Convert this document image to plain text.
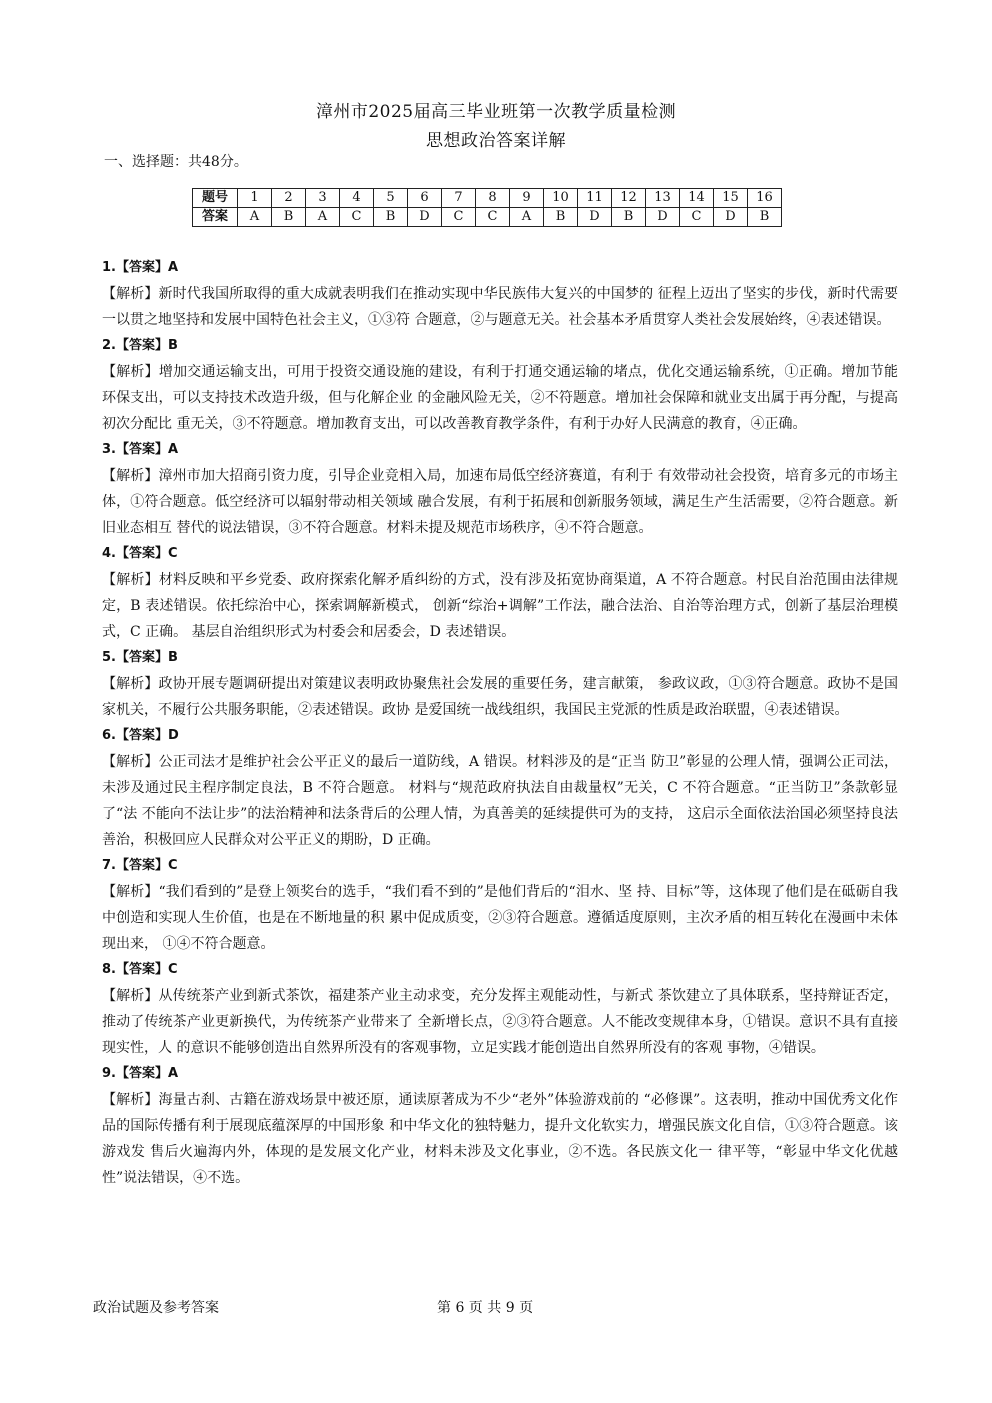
漳州市2025届高三毕业班第一次教学质量检测
思想政治答案详解
一、选择题：共48分。
题号	1	2	3	4	5	6	7	8	9	10	11	12	13	14	15	16
答案	A	B	A	C	B	D	C	C	A	B	D	B	D	C	D	B
1.【答案】A
【解析】新时代我国所取得的重大成就表明我们在推动实现中华民族伟大复兴的中国梦的 征程上迈出了坚实的步伐，新时代需要一以贯之地坚持和发展中国特色社会主义，①③符 合题意，②与题意无关。社会基本矛盾贯穿人类社会发展始终，④表述错误。
2.【答案】B
【解析】增加交通运输支出，可用于投资交通设施的建设，有利于打通交通运输的堵点，优化交通运输系统，①正确。增加节能环保支出，可以支持技术改造升级，但与化解企业 的金融风险无关，②不符题意。增加社会保障和就业支出属于再分配，与提高初次分配比 重无关，③不符题意。增加教育支出，可以改善教育教学条件，有利于办好人民满意的教育，④正确。
3.【答案】A
【解析】漳州市加大招商引资力度，引导企业竞相入局，加速布局低空经济赛道，有利于 有效带动社会投资，培育多元的市场主体，①符合题意。低空经济可以辐射带动相关领域 融合发展，有利于拓展和创新服务领域，满足生产生活需要，②符合题意。新旧业态相互 替代的说法错误，③不符合题意。材料未提及规范市场秩序，④不符合题意。
4.【答案】C
【解析】材料反映和平乡党委、政府探索化解矛盾纠纷的方式，没有涉及拓宽协商渠道，A 不符合题意。村民自治范围由法律规定，B 表述错误。依托综治中心，探索调解新模式， 创新“综治+调解”工作法，融合法治、自治等治理方式，创新了基层治理模式，C 正确。 基层自治组织形式为村委会和居委会，D 表述错误。
5.【答案】B
【解析】政协开展专题调研提出对策建议表明政协聚焦社会发展的重要任务，建言献策， 参政议政，①③符合题意。政协不是国家机关，不履行公共服务职能，②表述错误。政协 是爱国统一战线组织，我国民主党派的性质是政治联盟，④表述错误。
6.【答案】D
【解析】公正司法才是维护社会公平正义的最后一道防线，A 错误。材料涉及的是“正当 防卫”彰显的公理人情，强调公正司法，未涉及通过民主程序制定良法，B 不符合题意。 材料与“规范政府执法自由裁量权”无关，C 不符合题意。“正当防卫”条款彰显了“法 不能向不法让步”的法治精神和法条背后的公理人情，为真善美的延续提供可为的支持， 这启示全面依法治国必须坚持良法善治，积极回应人民群众对公平正义的期盼，D 正确。
7.【答案】C
【解析】“我们看到的”是登上领奖台的选手，“我们看不到的”是他们背后的“泪水、坚 持、目标”等，这体现了他们是在砥砺自我中创造和实现人生价值，也是在不断地量的积 累中促成质变，②③符合题意。遵循适度原则，主次矛盾的相互转化在漫画中未体现出来， ①④不符合题意。
8.【答案】C
【解析】从传统茶产业到新式茶饮，福建茶产业主动求变，充分发挥主观能动性，与新式 茶饮建立了具体联系，坚持辩证否定，推动了传统茶产业更新换代，为传统茶产业带来了 全新增长点，②③符合题意。人不能改变规律本身，①错误。意识不具有直接现实性，人 的意识不能够创造出自然界所没有的客观事物，立足实践才能创造出自然界所没有的客观 事物，④错误。
9.【答案】A
【解析】海量古刹、古籍在游戏场景中被还原，通读原著成为不少“老外”体验游戏前的 “必修课”。这表明，推动中国优秀文化作品的国际传播有利于展现底蕴深厚的中国形象 和中华文化的独特魅力，提升文化软实力，增强民族文化自信，①③符合题意。该游戏发 售后火遍海内外，体现的是发展文化产业，材料未涉及文化事业，②不选。各民族文化一 律平等，“彰显中华文化优越性”说法错误，④不选。
政治试题及参考答案	第 6 页 共 9 页
